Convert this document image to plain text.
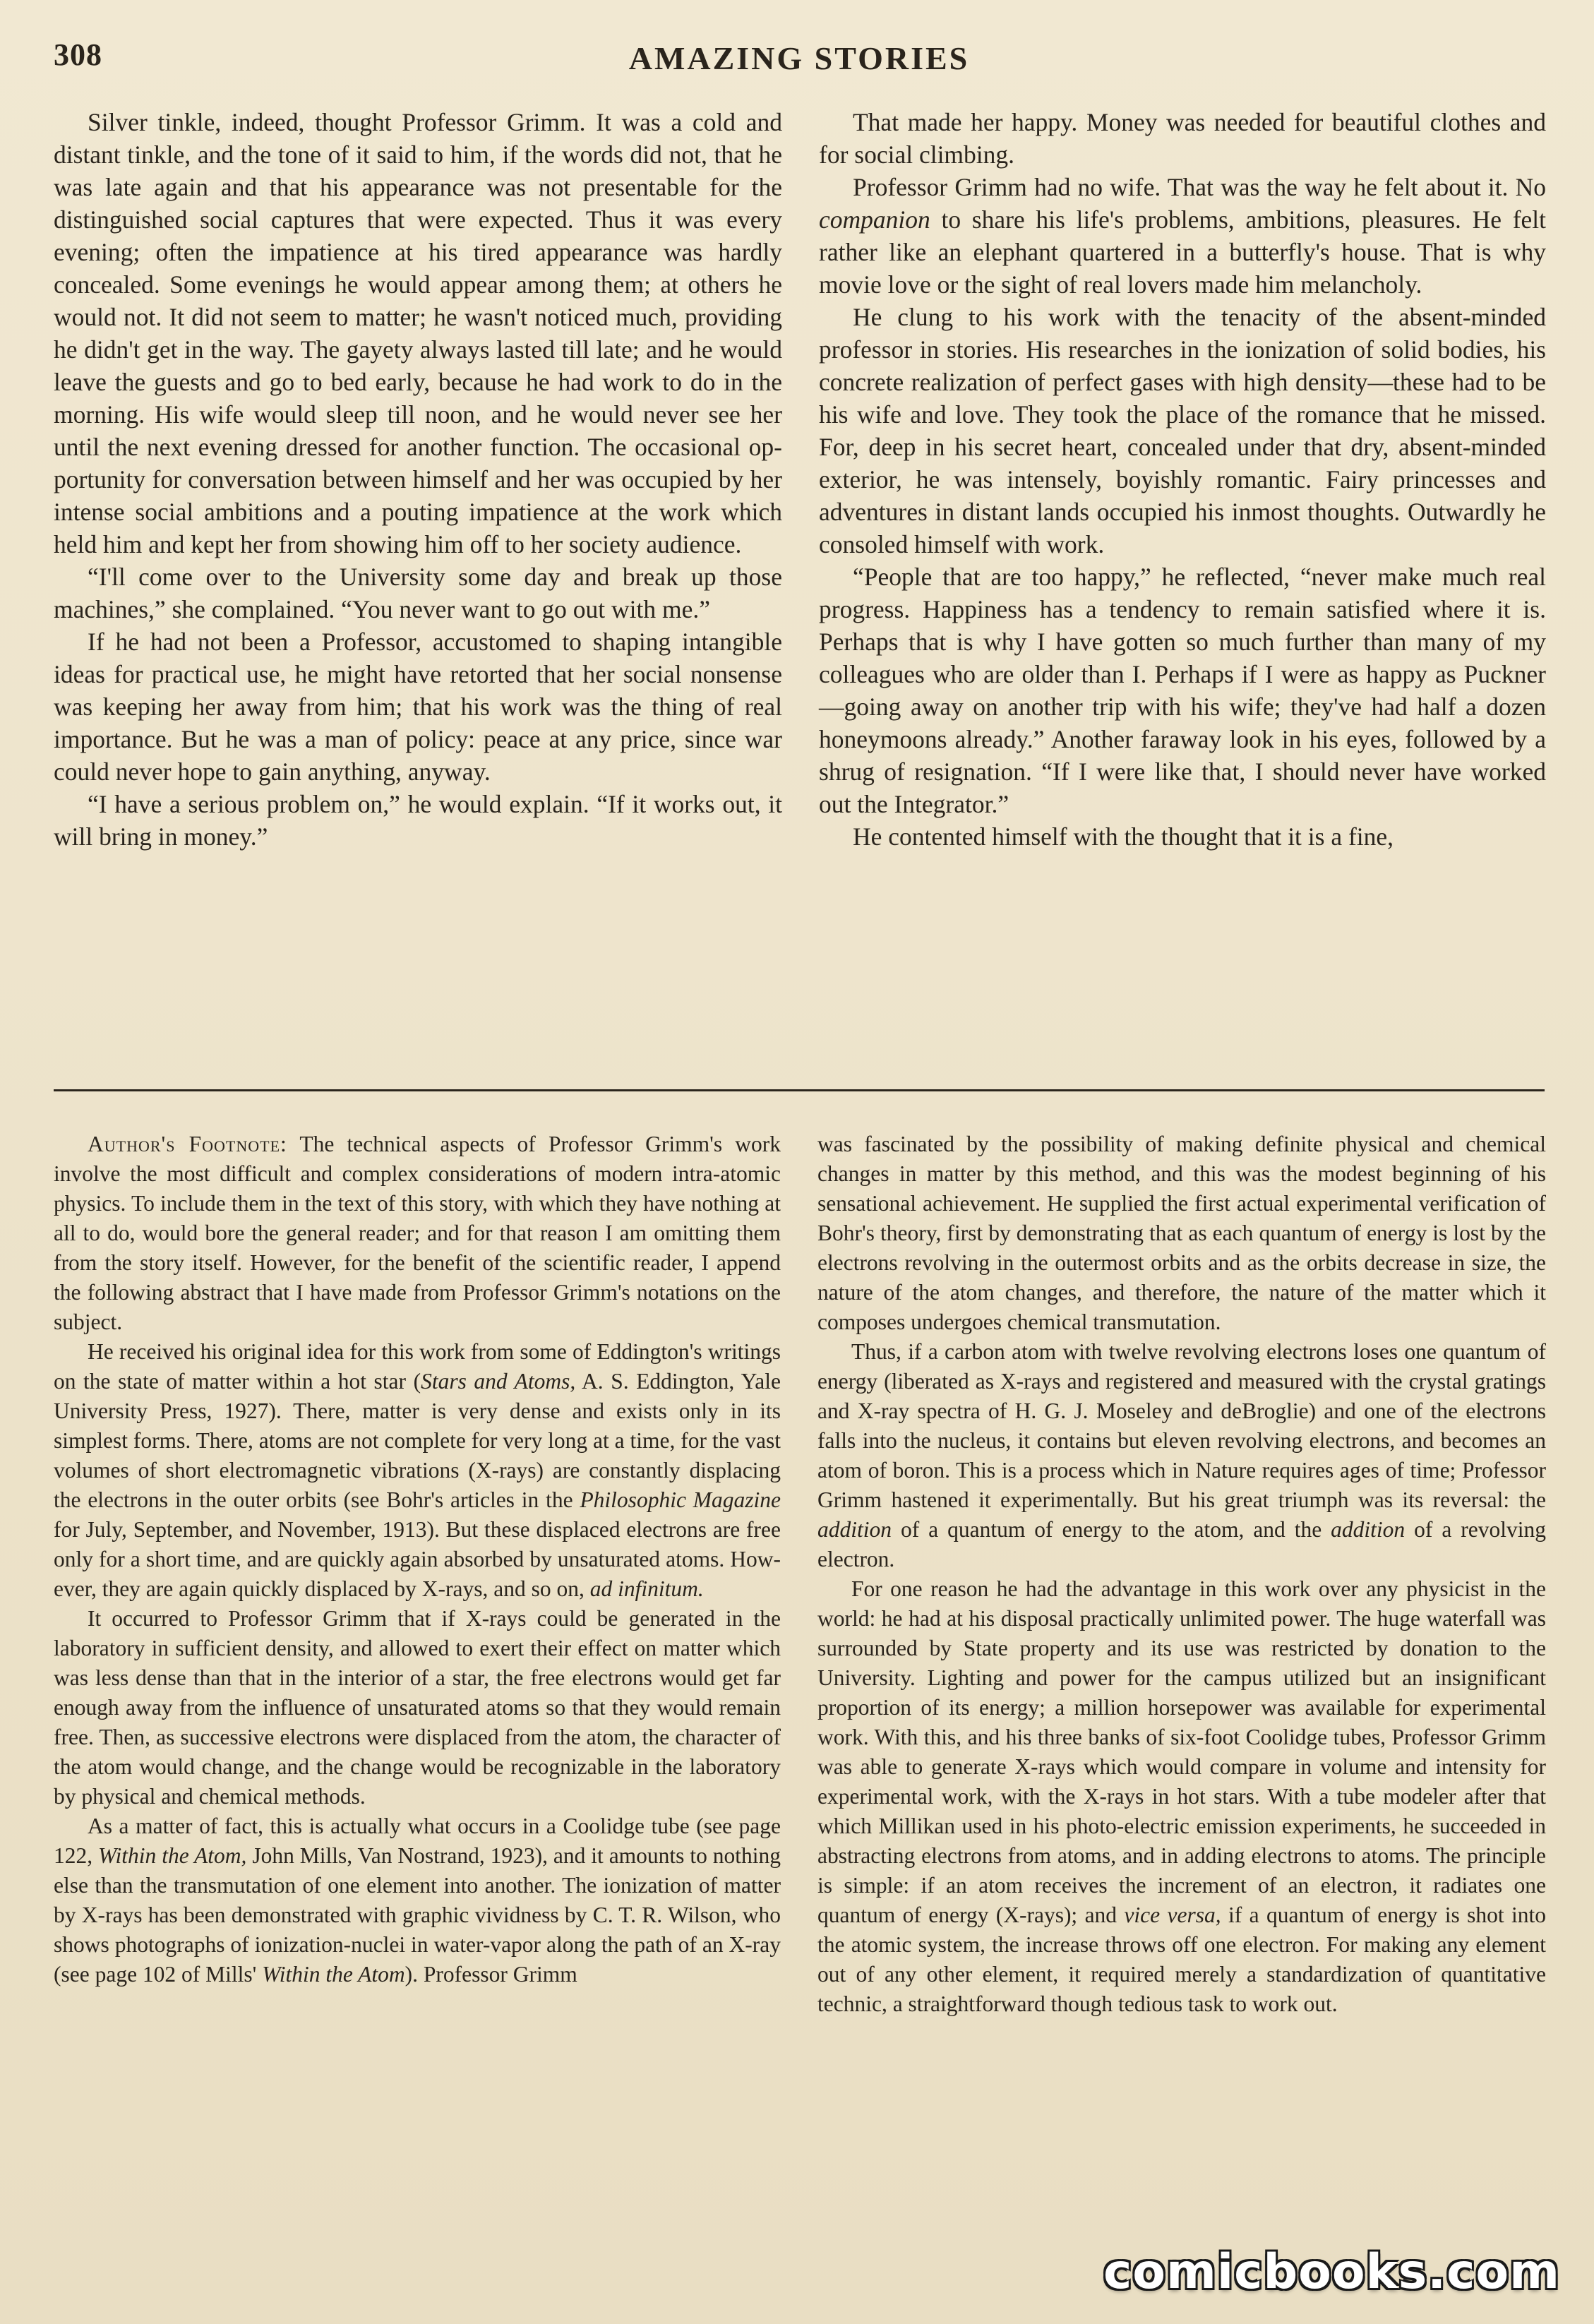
308	AMAZING STORIES

Silver tinkle, indeed, thought Professor Grimm. It was a cold and distant tinkle, and the tone of it said to him, if the words did not, that he was late again and that his appearance was not presentable for the distinguished social captures that were expected. Thus it was every evening; often the impatience at his tired appearance was hardly concealed. Some evenings he would appear among them; at others he would not. It did not seem to matter; he wasn't noticed much, providing he didn't get in the way. The gayety always lasted till late; and he would leave the guests and go to bed early, because he had work to do in the morning. His wife would sleep till noon, and he would never see her until the next evening dressed for another function. The occasional opportunity for conversation between himself and her was occupied by her intense social ambitions and a pouting impatience at the work which held him and kept her from showing him off to her society audience.

“I'll come over to the University some day and break up those machines,” she complained. “You never want to go out with me.”

If he had not been a Professor, accustomed to shaping intangible ideas for practical use, he might have retorted that her social nonsense was keeping her away from him; that his work was the thing of real importance. But he was a man of policy: peace at any price, since war could never hope to gain anything, anyway.

“I have a serious problem on,” he would explain. “If it works out, it will bring in money.”

That made her happy. Money was needed for beautiful clothes and for social climbing.

Professor Grimm had no wife. That was the way he felt about it. No companion to share his life's problems, ambitions, pleasures. He felt rather like an elephant quartered in a butterfly's house. That is why movie love or the sight of real lovers made him melancholy.

He clung to his work with the tenacity of the absent-minded professor in stories. His researches in the ionization of solid bodies, his concrete realization of perfect gases with high density—these had to be his wife and love. They took the place of the romance that he missed. For, deep in his secret heart, concealed under that dry, absent-minded exterior, he was intensely, boyishly romantic. Fairy princesses and adventures in distant lands occupied his inmost thoughts. Outwardly he consoled himself with work.

“People that are too happy,” he reflected, “never make much real progress. Happiness has a tendency to remain satisfied where it is. Perhaps that is why I have gotten so much further than many of my colleagues who are older than I. Perhaps if I were as happy as Puckner—going away on another trip with his wife; they've had half a dozen honeymoons already.” Another faraway look in his eyes, followed by a shrug of resignation. “If I were like that, I should never have worked out the Integrator.”

He contented himself with the thought that it is a fine,

Author's Footnote: The technical aspects of Professor Grimm's work involve the most difficult and complex considerations of modern intra-atomic physics. To include them in the text of this story, with which they have nothing at all to do, would bore the general reader; and for that reason I am omitting them from the story itself. However, for the benefit of the scientific reader, I append the following abstract that I have made from Professor Grimm's notations on the subject.

He received his original idea for this work from some of Eddington's writings on the state of matter within a hot star (Stars and Atoms, A. S. Eddington, Yale University Press, 1927). There, matter is very dense and exists only in its simplest forms. There, atoms are not complete for very long at a time, for the vast volumes of short electromagnetic vibrations (X-rays) are constantly displacing the electrons in the outer orbits (see Bohr's articles in the Philosophic Magazine for July, September, and November, 1913). But these displaced electrons are free only for a short time, and are quickly again absorbed by unsaturated atoms. However, they are again quickly displaced by X-rays, and so on, ad infinitum.

It occurred to Professor Grimm that if X-rays could be generated in the laboratory in sufficient density, and allowed to exert their effect on matter which was less dense than that in the interior of a star, the free electrons would get far enough away from the influence of unsaturated atoms so that they would remain free. Then, as successive electrons were displaced from the atom, the character of the atom would change, and the change would be recognizable in the laboratory by physical and chemical methods.

As a matter of fact, this is actually what occurs in a Coolidge tube (see page 122, Within the Atom, John Mills, Van Nostrand, 1923), and it amounts to nothing else than the transmutation of one element into another. The ionization of matter by X-rays has been demonstrated with graphic vividness by C. T. R. Wilson, who shows photographs of ionization-nuclei in water-vapor along the path of an X-ray (see page 102 of Mills' Within the Atom). Professor Grimm

was fascinated by the possibility of making definite physical and chemical changes in matter by this method, and this was the modest beginning of his sensational achievement. He supplied the first actual experimental verification of Bohr's theory, first by demonstrating that as each quantum of energy is lost by the electrons revolving in the outermost orbits and as the orbits decrease in size, the nature of the atom changes, and therefore, the nature of the matter which it composes undergoes chemical transmutation.

Thus, if a carbon atom with twelve revolving electrons loses one quantum of energy (liberated as X-rays and registered and measured with the crystal gratings and X-ray spectra of H. G. J. Moseley and deBroglie) and one of the electrons falls into the nucleus, it contains but eleven revolving electrons, and becomes an atom of boron. This is a process which in Nature requires ages of time; Professor Grimm hastened it experimentally. But his great triumph was its reversal: the addition of a quantum of energy to the atom, and the addition of a revolving electron.

For one reason he had the advantage in this work over any physicist in the world: he had at his disposal practically unlimited power. The huge waterfall was surrounded by State property and its use was restricted by donation to the University. Lighting and power for the campus utilized but an insignificant proportion of its energy; a million horsepower was available for experimental work. With this, and his three banks of six-foot Coolidge tubes, Professor Grimm was able to generate X-rays which would compare in volume and intensity for experimental work, with the X-rays in hot stars. With a tube modeler after that which Millikan used in his photo-electric emission experiments, he succeeded in abstracting electrons from atoms, and in adding electrons to atoms. The principle is simple: if an atom receives the increment of an electron, it radiates one quantum of energy (X-rays); and vice versa, if a quantum of energy is shot into the atomic system, the increase throws off one electron. For making any element out of any other element, it required merely a standardization of quantitative technic, a straightforward though tedious task to work out.

comicbooks.com
